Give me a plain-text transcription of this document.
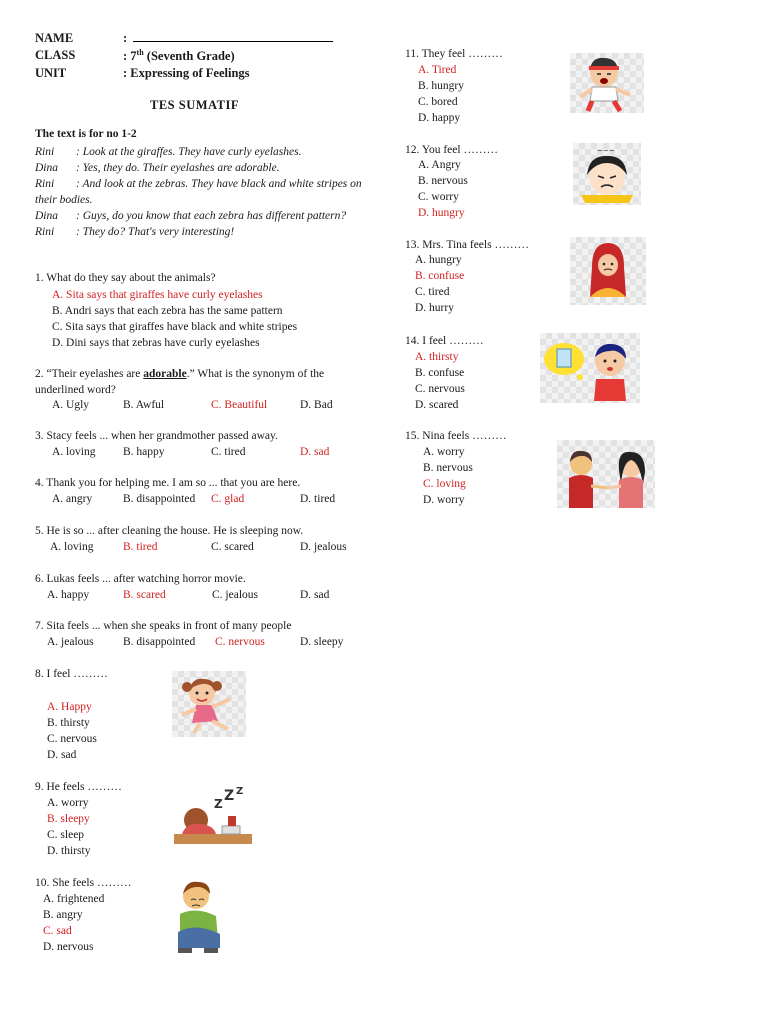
NAME	:
CLASS	: 7th (Seventh Grade)
UNIT	: Expressing of Feelings
TES SUMATIF
The text is for no 1-2
Rini : Look at the giraffes. They have curly eyelashes.
Dina : Yes, they do. Their eyelashes are adorable.
Rini : And look at the zebras. They have black and white stripes on their bodies.
Dina : Guys, do you know that each zebra has different pattern?
Rini : They do? That's very interesting!
1. What do they say about the animals?
A. Sita says that giraffes have curly eyelashes
B. Andri says that each zebra has the same pattern
C. Sita says that giraffes have black and white stripes
D. Dini says that zebras have curly eyelashes
2. “Their eyelashes are adorable.” What is the synonym of the underlined word?
A. Ugly	B. Awful	C. Beautiful	D. Bad
3. Stacy feels ... when her grandmother passed away.
A. loving	B. happy	C. tired	D. sad
4. Thank you for helping me. I am so ... that you are here.
A. angry	B. disappointed	C. glad	D. tired
5. He is so ... after cleaning the house. He is sleeping now.
A. loving	B. tired	C. scared	D. jealous
6. Lukas feels ... after watching horror movie.
A. happy	B. scared	C. jealous	D. sad
7. Sita feels ... when she speaks in front of many people
A. jealous	B. disappointed	C. nervous	D. sleepy
8. I feel ………
A. Happy
B. thirsty
C. nervous
D. sad
9. He feels ………
A. worry
B. sleepy
C. sleep
D. thirsty
Z Z Z
10. She feels ………
A. frightened
B. angry
C. sad
D. nervous
11. They feel ………
A. Tired
B. hungry
C. bored
D. happy
12. You feel ………
A. Angry
B. nervous
C. worry
D. hungry
~~~
13. Mrs. Tina feels ………
A. hungry
B. confuse
C. tired
D. hurry
14. I feel ………
A. thirsty
B. confuse
C. nervous
D. scared
15. Nina feels ………
A. worry
B. nervous
C. loving
D. worry
